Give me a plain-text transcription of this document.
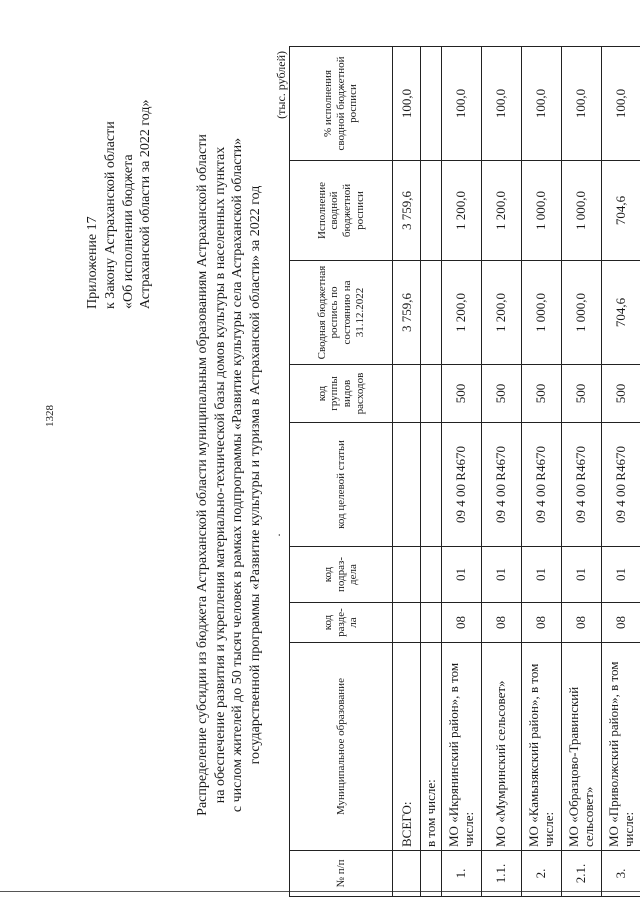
1328
Приложение 17 к Закону Астраханской области «Об исполнении бюджета Астраханской области за 2022 год»	Распределение субсидии из бюджета Астраханской области муниципальным образованиям Астраханской области на обеспечение развития и укрепления материально-технической базы домов культуры в населенных пунктах с числом жителей до 50 тысяч человек в рамках подпрограммы «Развитие культуры села Астраханской области» государственной программы «Развитие культуры и туризма в Астраханской области» за 2022 год ·
(тыс. рублей)
№ п/п	Муниципальное образование	код разде-ла	код подраз-дела	код целевой статьи	код группы видов расходов	Сводная бюджетная роспись по состоянию на 31.12.2022	Исполнение сводной бюджетной росписи	% исполнения сводной бюджетной росписи
	ВСЕГО:					3 759,6	3 759,6	100,0
	в том числе:							
1.	МО «Икрянинский район», в том числе:	08	01	09 4 00 R4670	500	1 200,0	1 200,0	100,0
1.1.	МО «Мумринский сельсовет»	08	01	09 4 00 R4670	500	1 200,0	1 200,0	100,0
2.	МО «Камызякский район», в том числе:	08	01	09 4 00 R4670	500	1 000,0	1 000,0	100,0
2.1.	МО «Образцово-Травинский сельсовет»	08	01	09 4 00 R4670	500	1 000,0	1 000,0	100,0
3.	МО «Приволжский район», в том числе:	08	01	09 4 00 R4670	500	704,6	704,6	100,0
